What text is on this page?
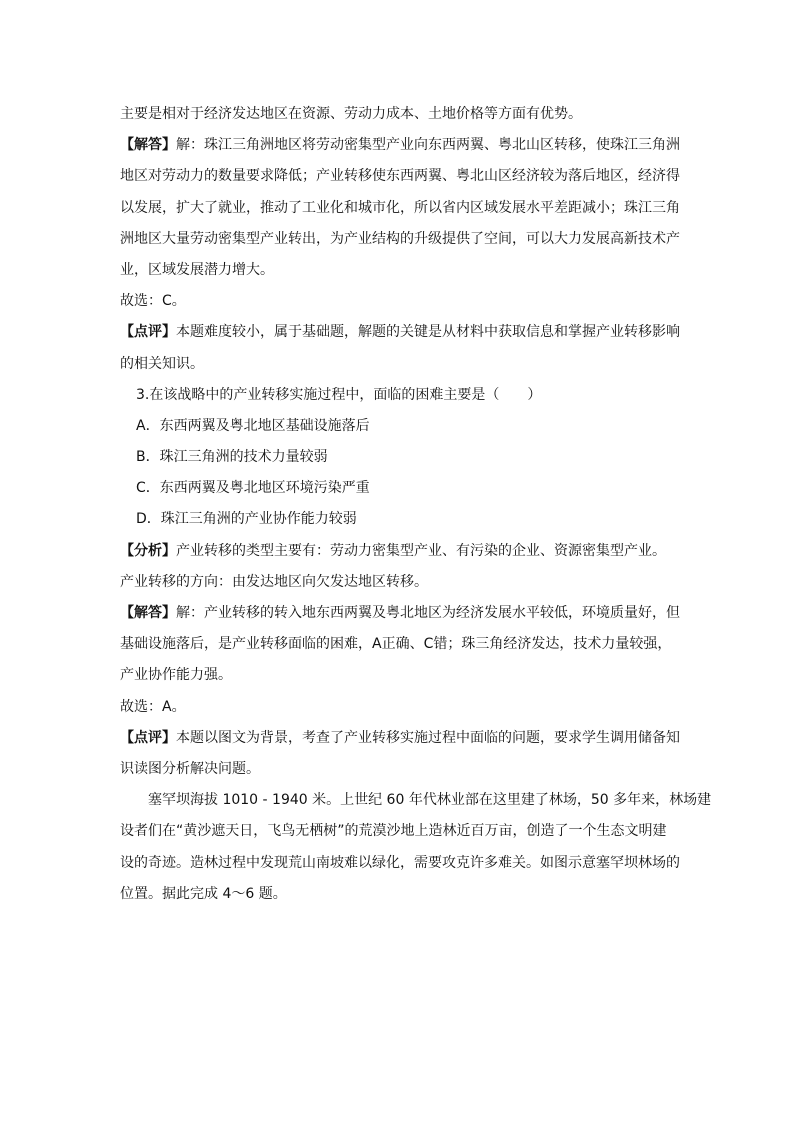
主要是相对于经济发达地区在资源、劳动力成本、土地价格等方面有优势。
【解答】解：珠江三角洲地区将劳动密集型产业向东西两翼、粤北山区转移，使珠江三角洲
地区对劳动力的数量要求降低；产业转移使东西两翼、粤北山区经济较为落后地区，经济得
以发展，扩大了就业，推动了工业化和城市化，所以省内区域发展水平差距减小；珠江三角
洲地区大量劳动密集型产业转出，为产业结构的升级提供了空间，可以大力发展高新技术产
业，区域发展潜力增大。
故选：C。
【点评】本题难度较小，属于基础题，解题的关键是从材料中获取信息和掌握产业转移影响
的相关知识。
3.在该战略中的产业转移实施过程中，面临的困难主要是（　　）
A．东西两翼及粤北地区基础设施落后
B．珠江三角洲的技术力量较弱
C．东西两翼及粤北地区环境污染严重
D．珠江三角洲的产业协作能力较弱
【分析】产业转移的类型主要有：劳动力密集型产业、有污染的企业、资源密集型产业。
产业转移的方向：由发达地区向欠发达地区转移。
【解答】解：产业转移的转入地东西两翼及粤北地区为经济发展水平较低，环境质量好，但
基础设施落后，是产业转移面临的困难，A正确、C错；珠三角经济发达，技术力量较强，
产业协作能力强。
故选：A。
【点评】本题以图文为背景，考查了产业转移实施过程中面临的问题，要求学生调用储备知
识读图分析解决问题。
塞罕坝海拔 1010 - 1940 米。上世纪 60 年代林业部在这里建了林场，50 多年来，林场建
设者们在“黄沙遮天日，飞鸟无栖树”的荒漠沙地上造林近百万亩，创造了一个生态文明建
设的奇迹。造林过程中发现荒山南坡难以绿化，需要攻克许多难关。如图示意塞罕坝林场的
位置。据此完成 4～6 题。
